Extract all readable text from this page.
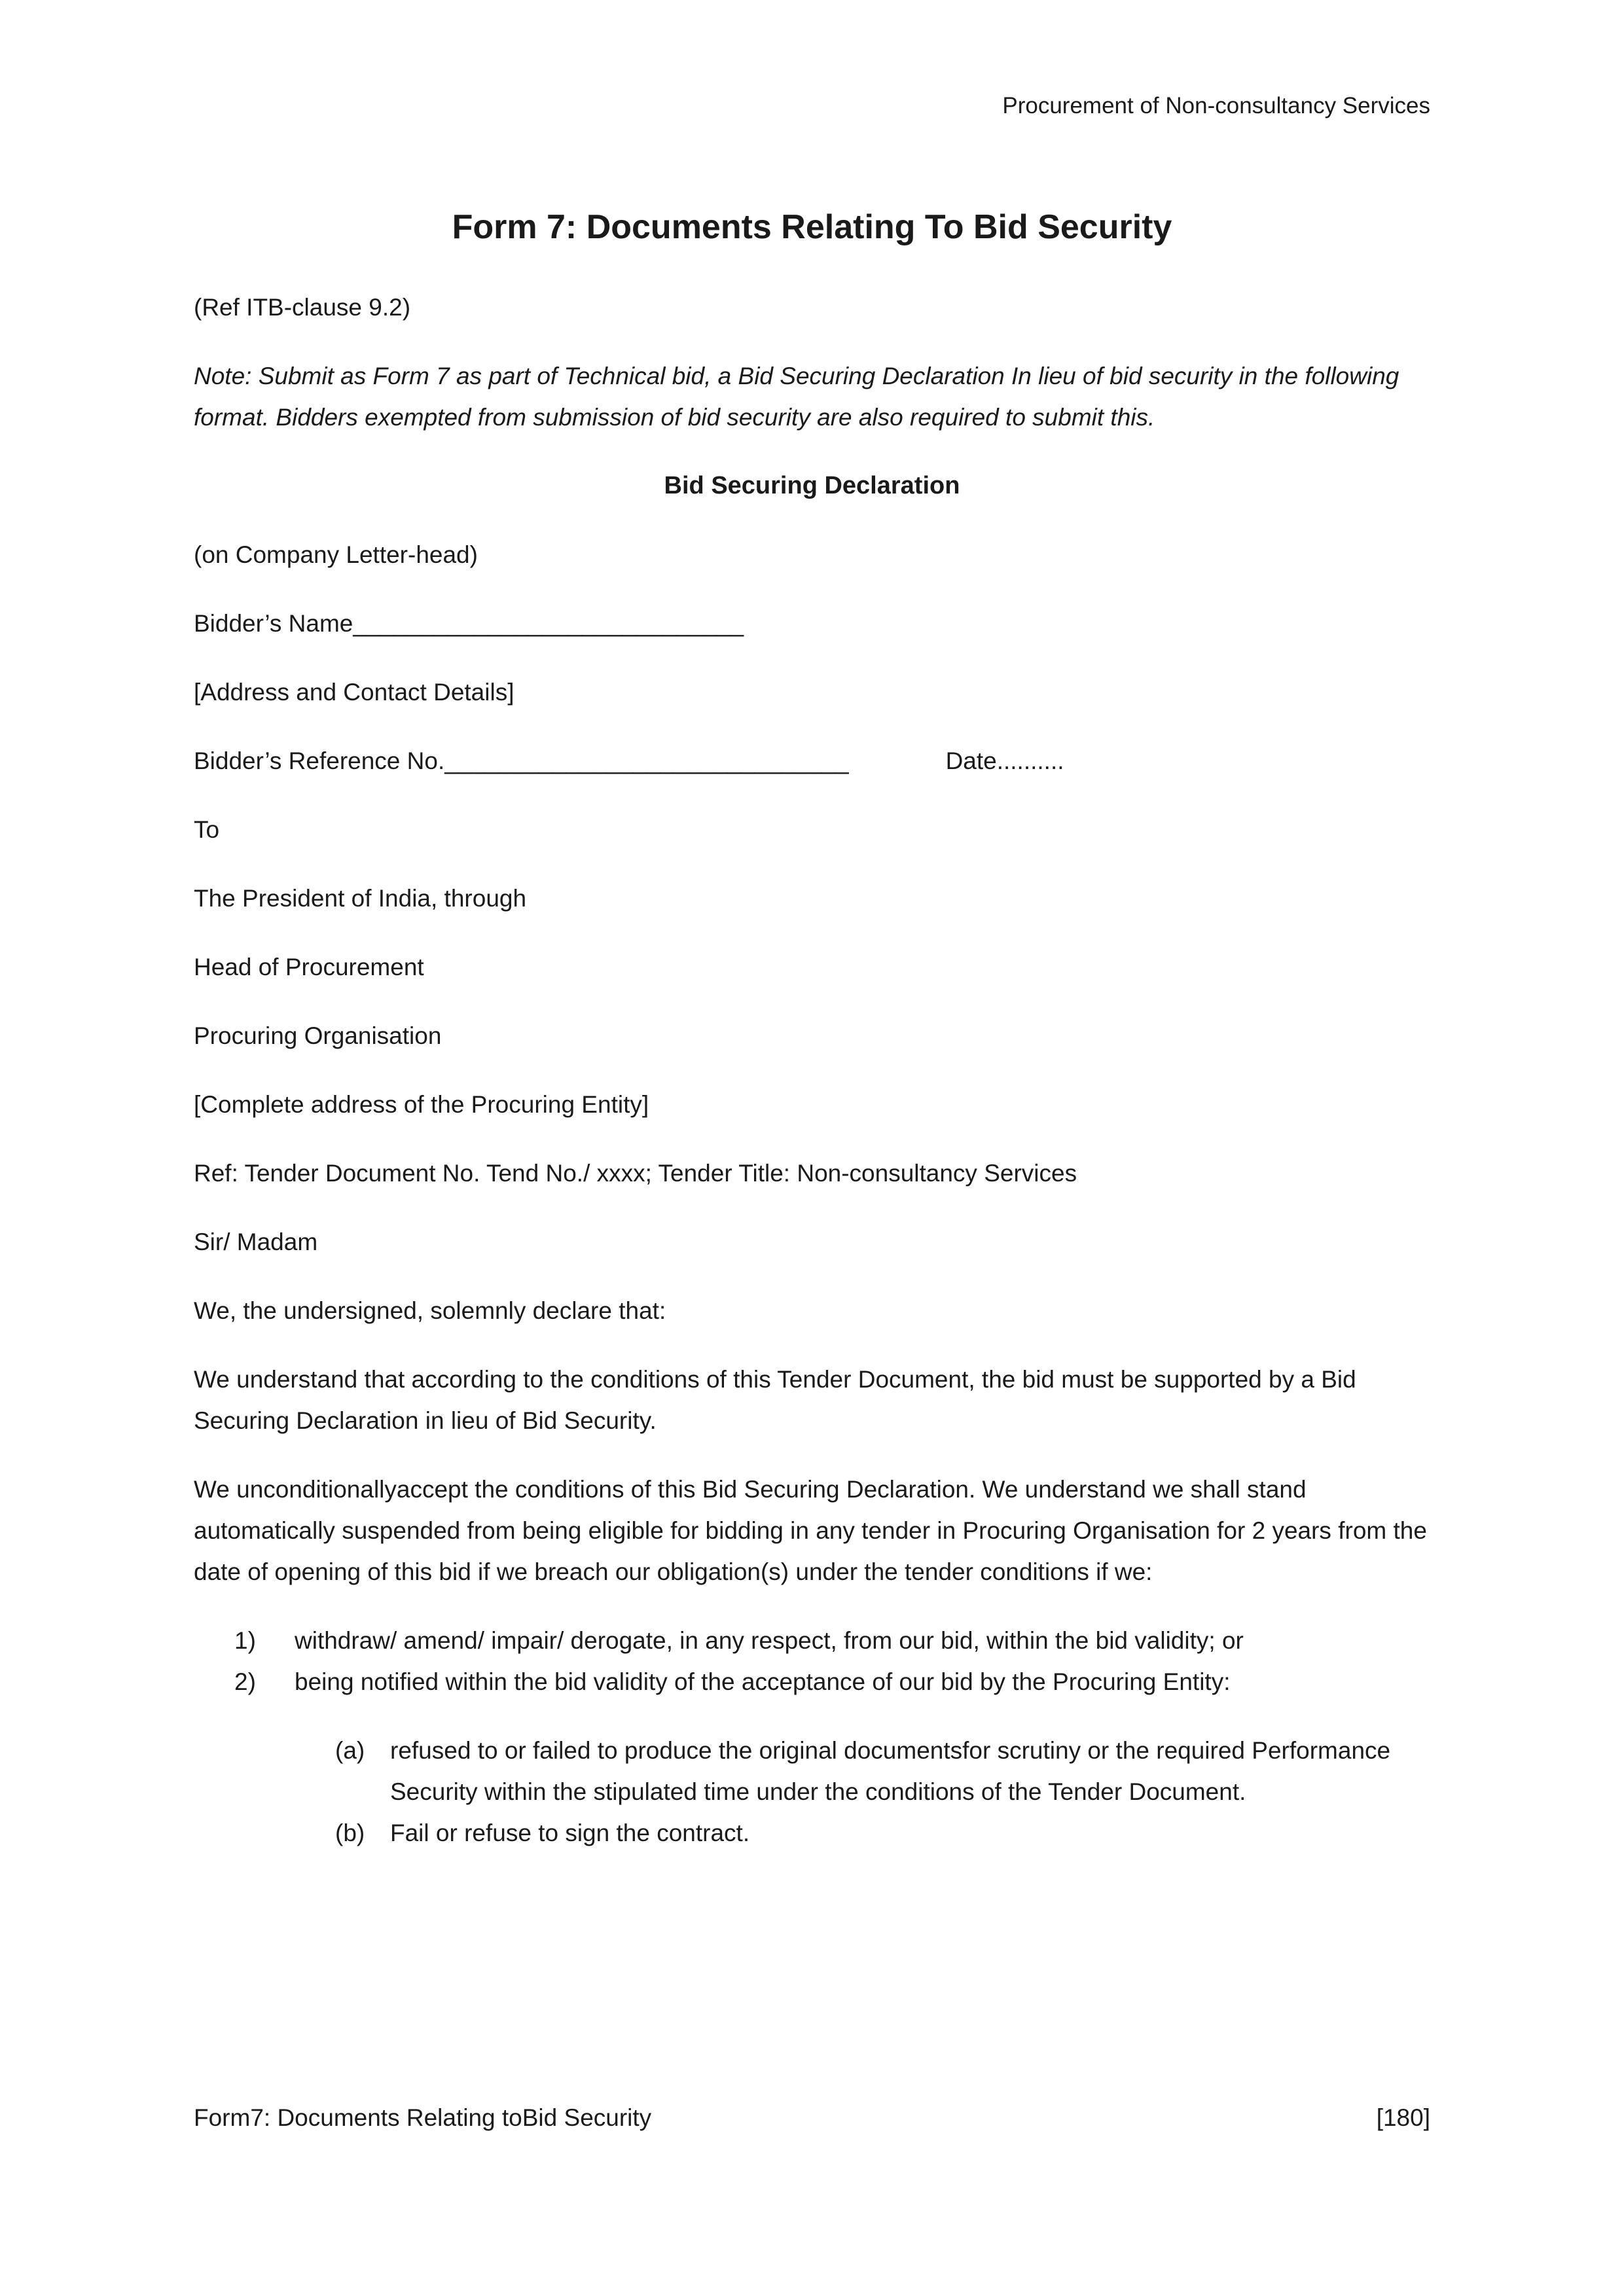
Procurement of Non-consultancy Services
Form 7: Documents Relating To Bid Security

(Ref ITB-clause 9.2)

Note: Submit as Form 7 as part of Technical bid, a Bid Securing Declaration In lieu of bid security in the following format. Bidders exempted from submission of bid security are also required to submit this.

Bid Securing Declaration

(on Company Letter-head)

Bidder’s Name_____________________________

[Address and Contact Details]

Bidder’s Reference No.______________________________	Date..........

To

The President of India, through

Head of Procurement

Procuring Organisation

[Complete address of the Procuring Entity]

Ref: Tender Document No. Tend No./ xxxx; Tender Title: Non-consultancy Services

Sir/ Madam

We, the undersigned, solemnly declare that:

We understand that according to the conditions of this Tender Document, the bid must be supported by a Bid Securing Declaration in lieu of Bid Security.

We unconditionallyaccept the conditions of this Bid Securing Declaration. We understand we shall stand automatically suspended from being eligible for bidding in any tender in Procuring Organisation for 2 years from the date of opening of this bid if we breach our obligation(s) under the tender conditions if we:

1)	withdraw/ amend/ impair/ derogate, in any respect, from our bid, within the bid validity; or
2)	being notified within the bid validity of the acceptance of our bid by the Procuring Entity:
(a)	refused to or failed to produce the original documentsfor scrutiny or the required Performance Security within the stipulated time under the conditions of the Tender Document.
(b)	Fail or refuse to sign the contract.
Form7: Documents Relating toBid Security	[180]
